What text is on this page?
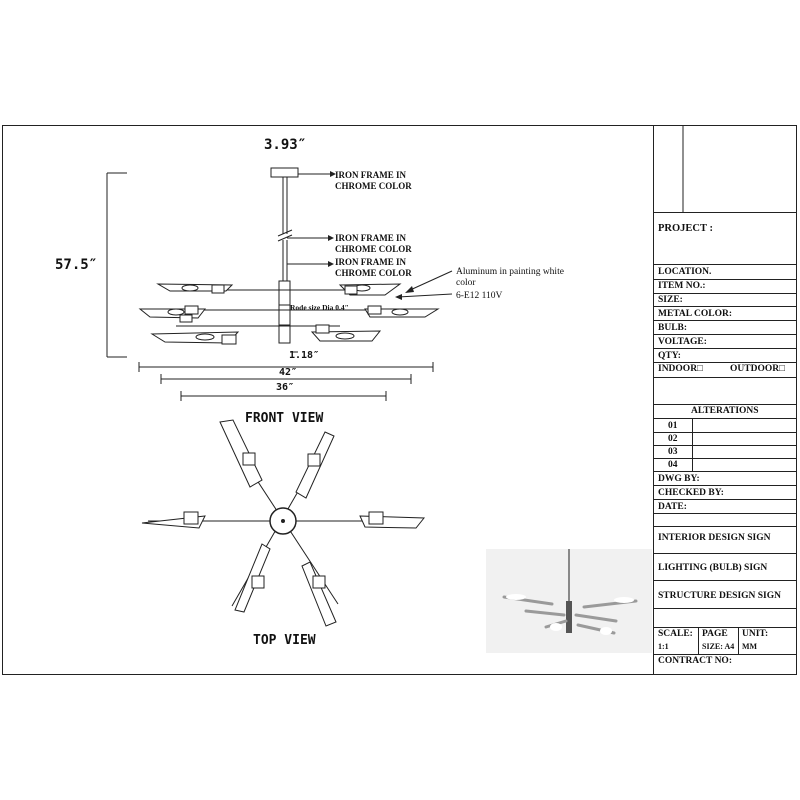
3.93″
57.5″
1.18″
42″
36″
IRON FRAME IN
CHROME COLOR
IRON FRAME IN
CHROME COLOR
IRON FRAME IN
CHROME COLOR	Aluminum in painting white
color
6-E12 110V
Rode size Dia 0.4″
FRONT VIEW
TOP VIEW
PROJECT :
LOCATION.
ITEM NO.:
SIZE:
METAL COLOR:
BULB:
VOLTAGE:
QTY:
INDOOR□	OUTDOOR□
ALTERATIONS
01
02
03
04
DWG BY:
CHECKED BY:
DATE:
INTERIOR DESIGN SIGN
LIGHTING (BULB) SIGN
STRUCTURE DESIGN SIGN
SCALE:
1:1
PAGE
SIZE: A4
UNIT:
MM
CONTRACT NO:
